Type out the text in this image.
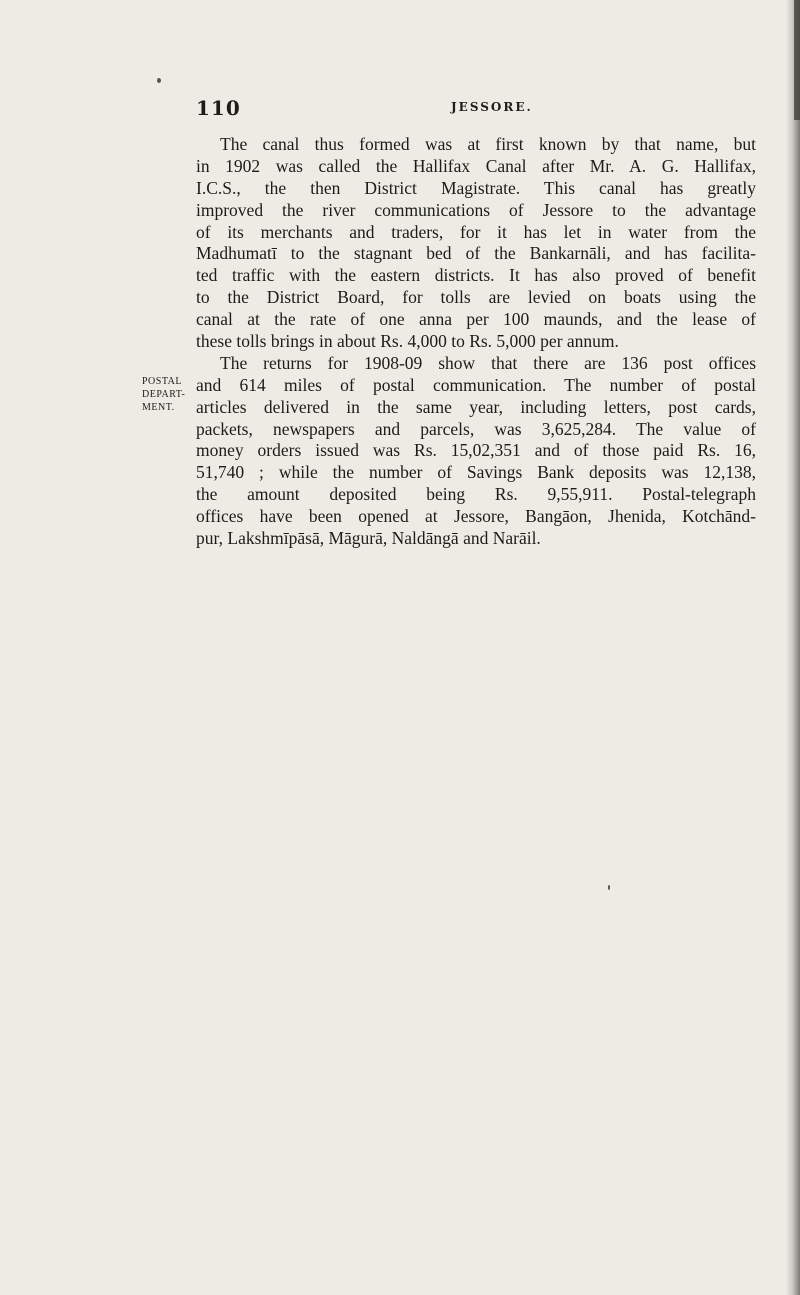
110	JESSORE.
POSTAL
DEPART-
MENT.
The canal thus formed was at first known by that name, but
in 1902 was called the Hallifax Canal after Mr. A. G. Hallifax,
I.C.S., the then District Magistrate. This canal has greatly
improved the river communications of Jessore to the advantage
of its merchants and traders, for it has let in water from the
Madhumatī to the stagnant bed of the Bankarnāli, and has facilita-
ted traffic with the eastern districts. It has also proved of benefit
to the District Board, for tolls are levied on boats using the
canal at the rate of one anna per 100 maunds, and the lease of
these tolls brings in about Rs. 4,000 to Rs. 5,000 per annum.
The returns for 1908-09 show that there are 136 post offices
and 614 miles of postal communication. The number of postal
articles delivered in the same year, including letters, post cards,
packets, newspapers and parcels, was 3,625,284. The value of
money orders issued was Rs. 15,02,351 and of those paid Rs. 16,
51,740 ; while the number of Savings Bank deposits was 12,138,
the amount deposited being Rs. 9,55,911. Postal-telegraph
offices have been opened at Jessore, Bangāon, Jhenida, Kotchānd-
pur, Lakshmīpāsā, Māgurā, Naldāngā and Narāil.
